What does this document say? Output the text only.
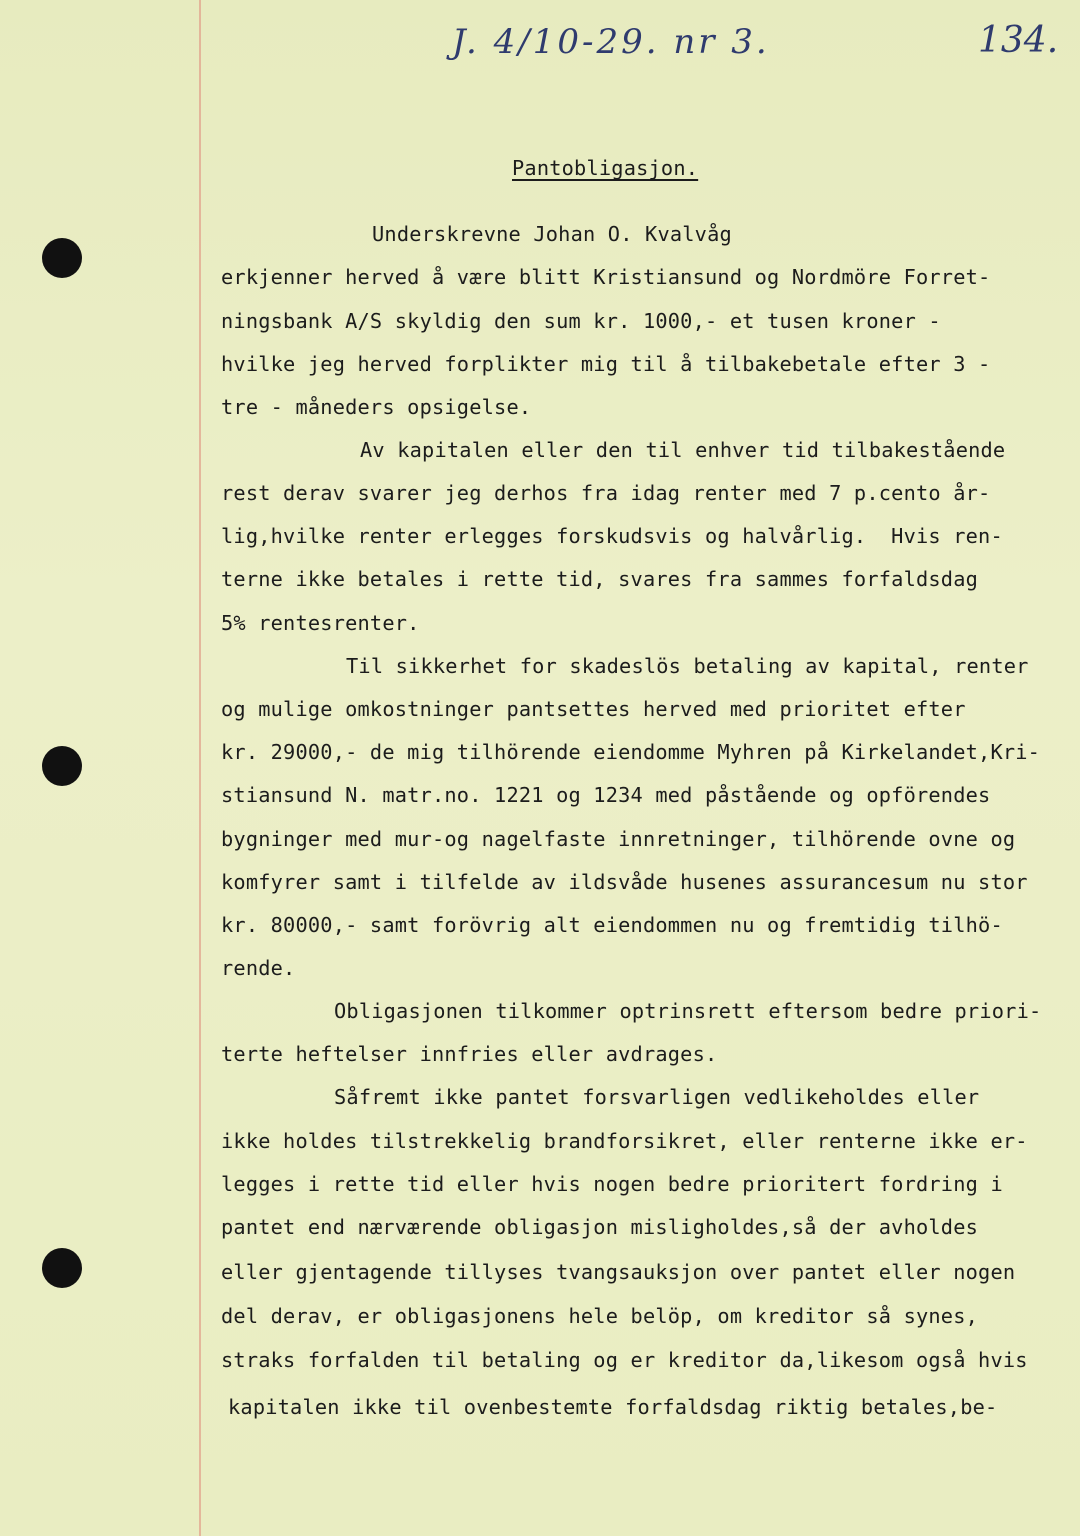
J. 4/10-29. nr 3.	134.
Pantobligasjon.
Underskrevne Johan O. Kvalvåg
erkjenner herved å være blitt Kristiansund og Nordmöre Forret-
ningsbank A/S skyldig den sum kr. 1000,- et tusen kroner -
hvilke jeg herved forplikter mig til å tilbakebetale efter 3 -
tre - måneders opsigelse.
Av kapitalen eller den til enhver tid tilbakestående
rest derav svarer jeg derhos fra idag renter med 7 p.cento år-
lig,hvilke renter erlegges forskudsvis og halvårlig.  Hvis ren-
terne ikke betales i rette tid, svares fra sammes forfaldsdag
5% rentesrenter.
Til sikkerhet for skadeslös betaling av kapital, renter
og mulige omkostninger pantsettes herved med prioritet efter
kr. 29000,- de mig tilhörende eiendomme Myhren på Kirkelandet,Kri-
stiansund N. matr.no. 1221 og 1234 med påstående og opförendes
bygninger med mur-og nagelfaste innretninger, tilhörende ovne og
komfyrer samt i tilfelde av ildsvåde husenes assurancesum nu stor
kr. 80000,- samt forövrig alt eiendommen nu og fremtidig tilhö-
rende.
Obligasjonen tilkommer optrinsrett eftersom bedre priori-
terte heftelser innfries eller avdrages.
Såfremt ikke pantet forsvarligen vedlikeholdes eller
ikke holdes tilstrekkelig brandforsikret, eller renterne ikke er-
legges i rette tid eller hvis nogen bedre prioritert fordring i
pantet end nærværende obligasjon misligholdes,så der avholdes
eller gjentagende tillyses tvangsauksjon over pantet eller nogen
del derav, er obligasjonens hele belöp, om kreditor så synes,
straks forfalden til betaling og er kreditor da,likesom også hvis
kapitalen ikke til ovenbestemte forfaldsdag riktig betales,be-
